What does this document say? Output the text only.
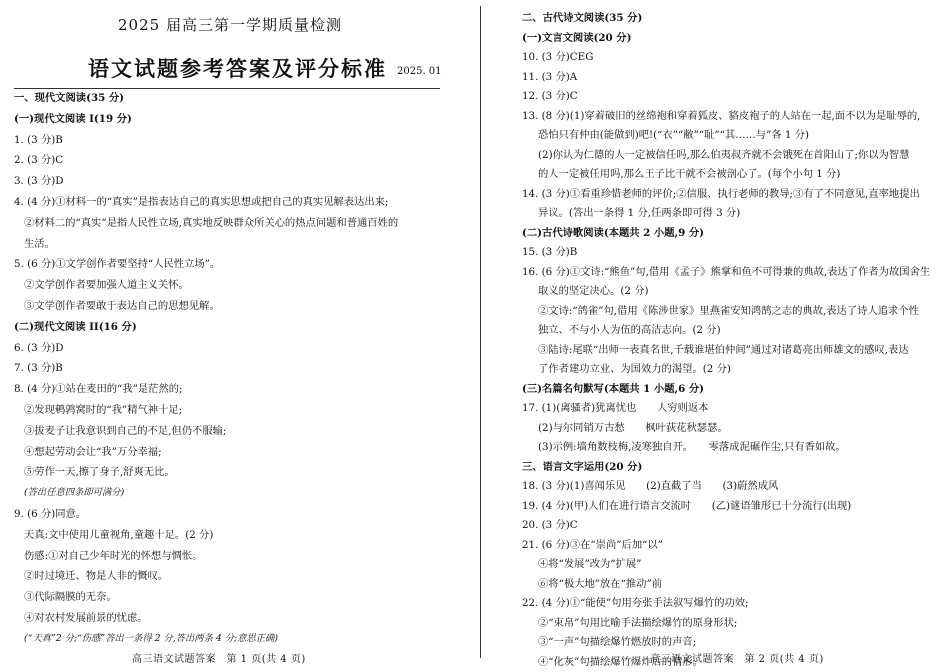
2025 届高三第一学期质量检测
语文试题参考答案及评分标准 2025. 01
一、现代文阅读(35 分)
(一)现代文阅读 I(19 分)
1. (3 分)B
2. (3 分)C
3. (3 分)D
4. (4 分)①材料一的“真实”是指表达自己的真实思想或把自己的真实见解表达出来;
②材料二的“真实”是指人民性立场,真实地反映群众所关心的热点问题和普通百姓的
生活。
5. (6 分)①文学创作者要坚持“人民性立场”。
②文学创作者要加强人道主义关怀。
③文学创作者要敢于表达自己的思想见解。
(二)现代文阅读 II(16 分)
6. (3 分)D
7. (3 分)B
8. (4 分)①站在麦田的“我”是茫然的;
②发现鹌鹑窝时的“我”精气神十足;
③拔麦子让我意识到自己的不足,但仍不服输;
④想起劳动会让“我”万分幸福;
⑤劳作一天,擦了身子,舒爽无比。
(答出任意四条即可满分)
9. (6 分)同意。
天真:文中使用儿童视角,童趣十足。(2 分)
伤感:①对自己少年时光的怀想与惆怅。
②时过境迁、物是人非的慨叹。
③代际隔膜的无奈。
④对农村发展前景的忧虑。
(“天真”2 分;“伤感”答出一条得 2 分,答出两条 4 分;意思正确)
高三语文试题答案　第 1 页(共 4 页)
二、古代诗文阅读(35 分)
(一)文言文阅读(20 分)
10. (3 分)CEG
11. (3 分)A
12. (3 分)C
13. (8 分)(1)穿着破旧的丝绵袍和穿着狐皮、貉皮袍子的人站在一起,面不以为是耻辱的,
恐怕只有仲由(能做到)吧!(“衣”“敝”“耻”“其……与”各 1 分)
(2)你认为仁德的人一定被信任吗,那么伯夷叔齐就不会饿死在首阳山了;你以为智慧
的人一定被任用吗,那么王子比干就不会被剖心了。(每个小句 1 分)
14. (3 分)①看重珍惜老师的评价;②信服、执行老师的教导;③有了不同意见,直率地提出
异议。(答出一条得 1 分,任两条即可得 3 分)
(二)古代诗歌阅读(本题共 2 小题,9 分)
15. (3 分)B
16. (6 分)①文诗:“熊鱼”句,借用《孟子》熊掌和鱼不可得兼的典故,表达了作者为故国舍生
取义的坚定决心。(2 分)
②文诗:“鸽雀”句,借用《陈涉世家》里燕雀安知鸿鹄之志的典故,表达了诗人追求个性
独立、不与小人为伍的高洁志向。(2 分)
③陆诗:尾联“出师一表真名世,千载谁堪伯仲间”通过对诸葛亮出师雄文的感叹,表达
了作者建功立业、为国效力的渴望。(2 分)
(三)名篇名句默写(本题共 1 小题,6 分)
17. (1)(离骚者)犹离忧也　　人穷则返本
(2)与尔同销万古愁　　枫叶荻花秋瑟瑟。
(3)示例:墙角数枝梅,凌寒独自开。　　零落成泥碾作尘,只有香如故。
三、语言文字运用(20 分)
18. (3 分)(1)喜闻乐见　　(2)直截了当　　(3)蔚然成风
19. (4 分)(甲)人们在进行语言交流时　　(乙)谜语雏形已十分流行(出现)
20. (3 分)C
21. (6 分)③在“崇尚”后加“以”
④将“发展”改为“扩展”
⑥将“极大地”放在“推动”前
22. (4 分)①“能使”句用夸张手法叙写爆竹的功效;
②“束帛”句用比喻手法描绘爆竹的原身形状;
③“一声”句描绘爆竹燃放时的声音;
④“化灰”句描绘爆竹爆炸后的情形。
高三语文试题答案　第 2 页(共 4 页)
